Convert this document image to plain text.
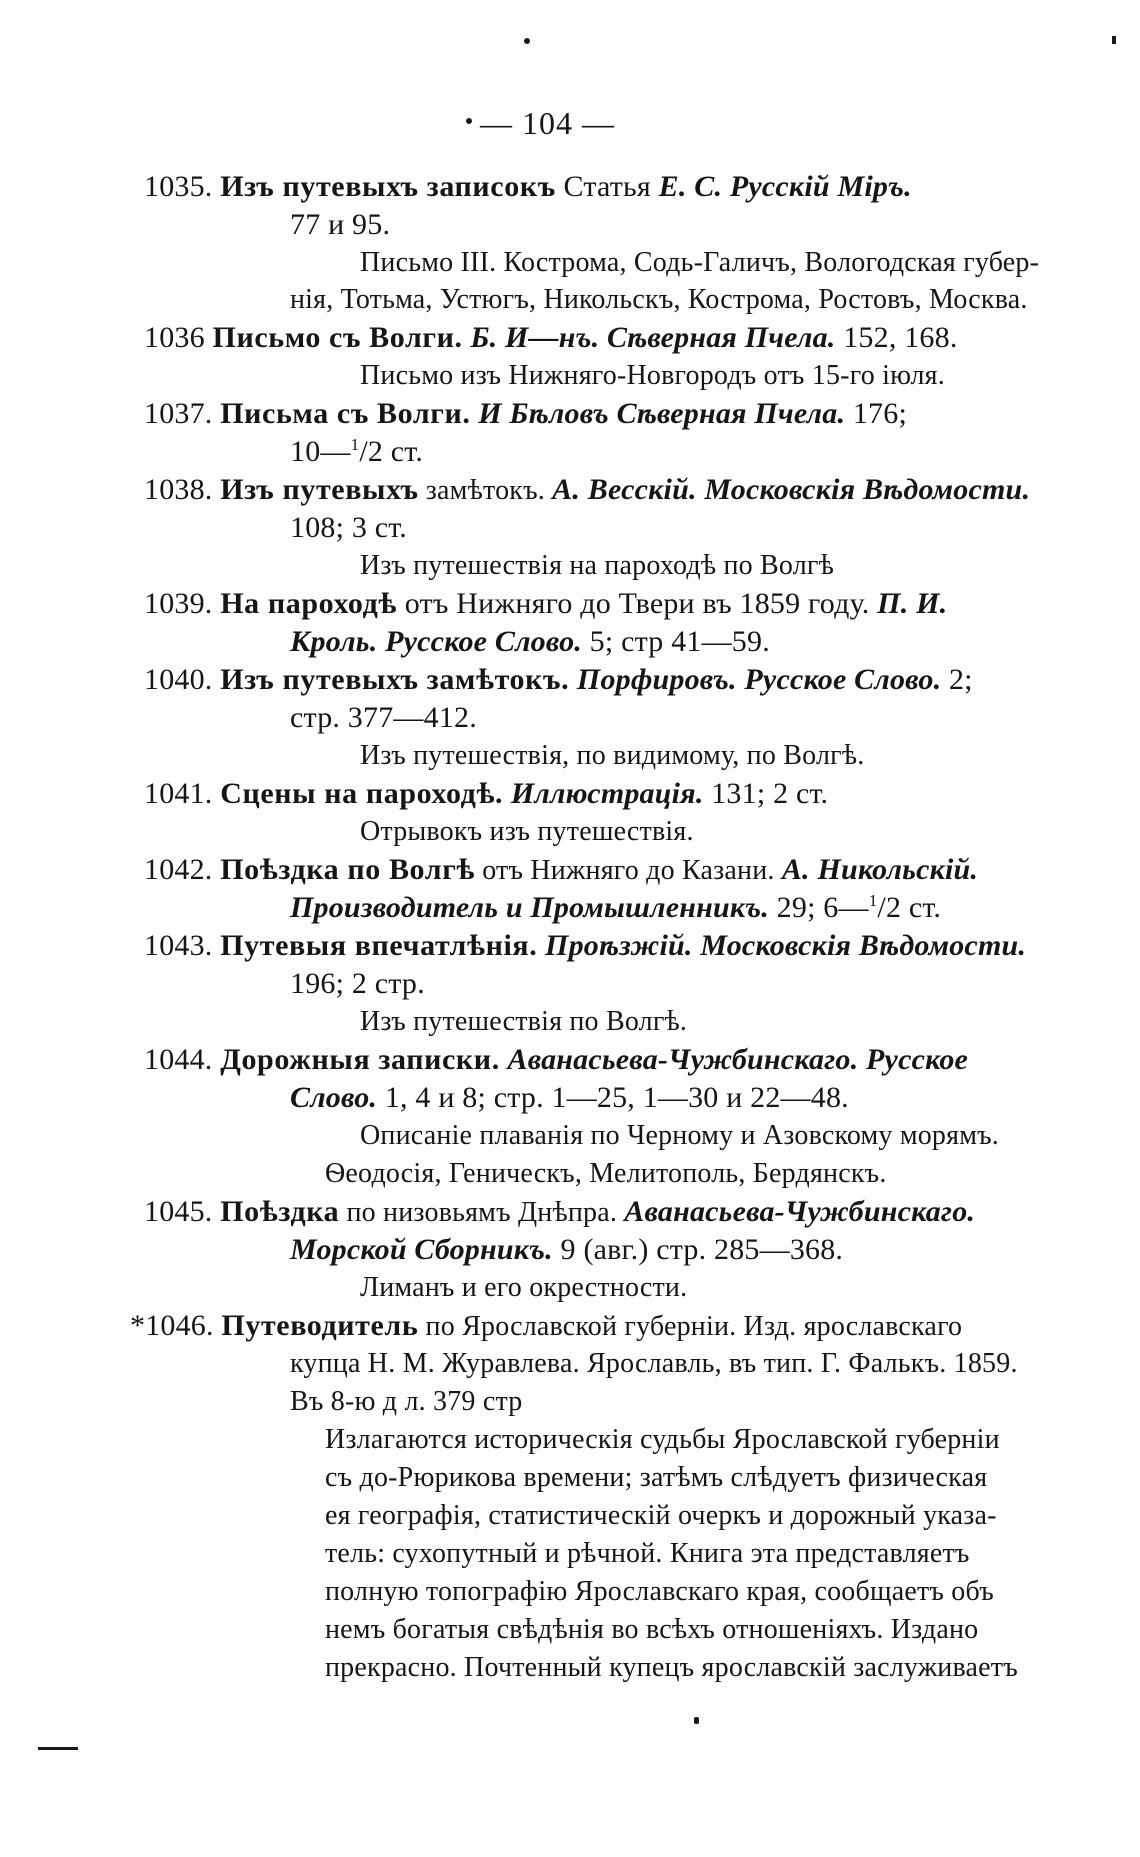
— 104 —
1035. Изъ путевыхъ записокъ Статья Е. С. Русскій Міръ.
77 и 95.
Письмо III. Кострома, Содь-Галичъ, Вологодская губер-
нія, Тотьма, Устюгъ, Никольскъ, Кострома, Ростовъ, Москва.
1036 Письмо съ Волги. Б. И—нъ. Сѣверная Пчела. 152, 168.
Письмо изъ Нижняго-Новгородъ отъ 15-го іюля.
1037. Письма съ Волги. И Бѣловъ Сѣверная Пчела. 176;
10—$^1$/2 ст.
1038. Изъ путевыхъ замѣтокъ. А. Весскій. Московскія Вѣдомости.
108; 3 ст.
Изъ путешествія на пароходѣ по Волгѣ
1039. На пароходѣ отъ Нижняго до Твери въ 1859 году. П. И.
Кроль. Русское Слово. 5; стр 41—59.
1040. Изъ путевыхъ замѣтокъ. Порфировъ. Русское Слово. 2;
стр. 377—412.
Изъ путешествія, по видимому, по Волгѣ.
1041. Сцены на пароходѣ. Иллюстрація. 131; 2 ст.
Отрывокъ изъ путешествія.
1042. Поѣздка по Волгѣ отъ Нижняго до Казани. А. Никольскій.
Производитель и Промышленникъ. 29; 6—$^1$/2 ст.
1043. Путевыя впечатлѣнія. Проѣзжій. Московскія Вѣдомости.
196; 2 стр.
Изъ путешествія по Волгѣ.
1044. Дорожныя записки. Аванасьева-Чужбинскаго. Русское
Слово. 1, 4 и 8; стр. 1—25, 1—30 и 22—48.
Описаніе плаванія по Черному и Азовскому морямъ.
Ѳеодосія, Геническъ, Мелитополь, Бердянскъ.
1045. Поѣздка по низовьямъ Днѣпра. Аванасьева-Чужбинскаго.
Морской Сборникъ. 9 (авг.) стр. 285—368.
Лиманъ и его окрестности.
*1046. Путеводитель по Ярославской губерніи. Изд. ярославскаго
купца Н. М. Журавлева. Ярославль, въ тип. Г. Фалькъ. 1859.
Въ 8-ю д л. 379 стр
Излагаются историческія судьбы Ярославской губерніи
съ до-Рюрикова времени; затѣмъ слѣдуетъ физическая
ея географія, статистическій очеркъ и дорожный указа-
тель: сухопутный и рѣчной. Книга эта представляетъ
полную топографію Ярославскаго края, сообщаетъ объ
немъ богатыя свѣдѣнія во всѣхъ отношеніяхъ. Издано
прекрасно. Почтенный купецъ ярославскій заслуживаетъ
